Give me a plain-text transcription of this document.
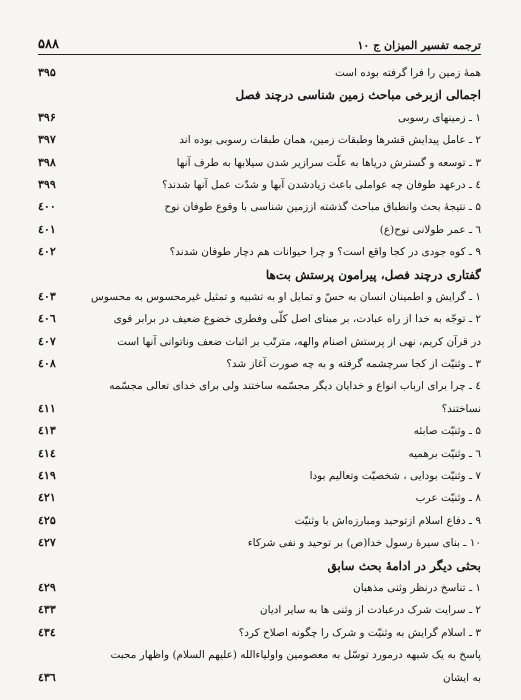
ترجمه تفسیر المیزان ج ۱۰
۵۸۸
همهٔ زمین را فرا گرفته بوده است
۳۹۵
اجمالی ازبرخی مباحث زمین شناسی درچند فصل
۱ ـ زمینهای رسوبی
۳۹۶
۲ ـ عامل پیدایش قشرها وطبقات زمین، همان طبقات رسوبی بوده اند
۳۹۷
۳ ـ توسعه و گسترش دریاها به علّت سرازیر شدن سیلابها به طرف آنها
۳۹۸
٤ ـ درعهد طوفان چه عواملی باعث زیادشدن آبها و شدّت عمل آنها شدند؟
۳۹۹
۵ ـ نتیجهٔ بحث وانطباق مباحث گذشته اززمین شناسی با وقوع طوفان نوح
٤۰۰
٦ ـ عمر طولانی نوح(ع)
٤۰۱
۹ ـ کوه جودی در کجا واقع است؟ و چرا حیوانات هم دچار طوفان شدند؟
٤۰۲
گفتاری درچند فصل، پیرامون پرستش بت‌ها
۱ ـ گرایش و اطمینان انسان به حسّ و تمایل او به تشبیه و تمثیل غیرمحسوس به محسوس
٤۰۳
۲ ـ توجّه به خدا از راه عبادت، بر مبنای اصل کلّی وفطری خضوع ضعیف در برابر قوی
٤۰٦
در قرآن کریم، نهی از پرستش اصنام والهه، مترتّب بر اثبات ضعف وناتوانی آنها است
٤۰۷
۳ ـ وثنیّت از کجا سرچشمه گرفته و به چه صورت آغاز شد؟
٤۰۸
٤ ـ چرا برای ارباب انواع و خدایان دیگر مجسّمه ساختند ولی برای خدای تعالی مجسّمه
نساختند؟
٤۱۱
۵ ـ وثنیّت صابئه
٤۱۳
٦ ـ وثنیّت برهمیه
٤۱٤
۷ ـ وثنیّت بودایی ، شخصیّت وتعالیم بودا
٤۱۹
۸ ـ وثنیّت عرب
٤۲۱
۹ ـ دفاع اسلام ازتوحید ومبارزه‌اش با وثنیّت
٤۲۵
۱۰ ـ بنای سیرهٔ رسول خدا(ص) بر توحید و نفی شرکاء
٤۲۷
بحثی دیگر در ادامهٔ بحث سابق
۱ ـ تناسخ درنظر وثنی مذهبان
٤۲۹
۲ ـ سرایت شرک درعبادت از وثنی ها به سایر ادیان
٤۳۳
۳ ـ اسلام گرایش به وثنیّت و شرک را چگونه اصلاح کرد؟
٤۳٤
پاسخ به یک شبهه درمورد توسّل به معصومین واولیاءالله (علیهم السلام) واظهار محبت
به ایشان
٤۳٦
